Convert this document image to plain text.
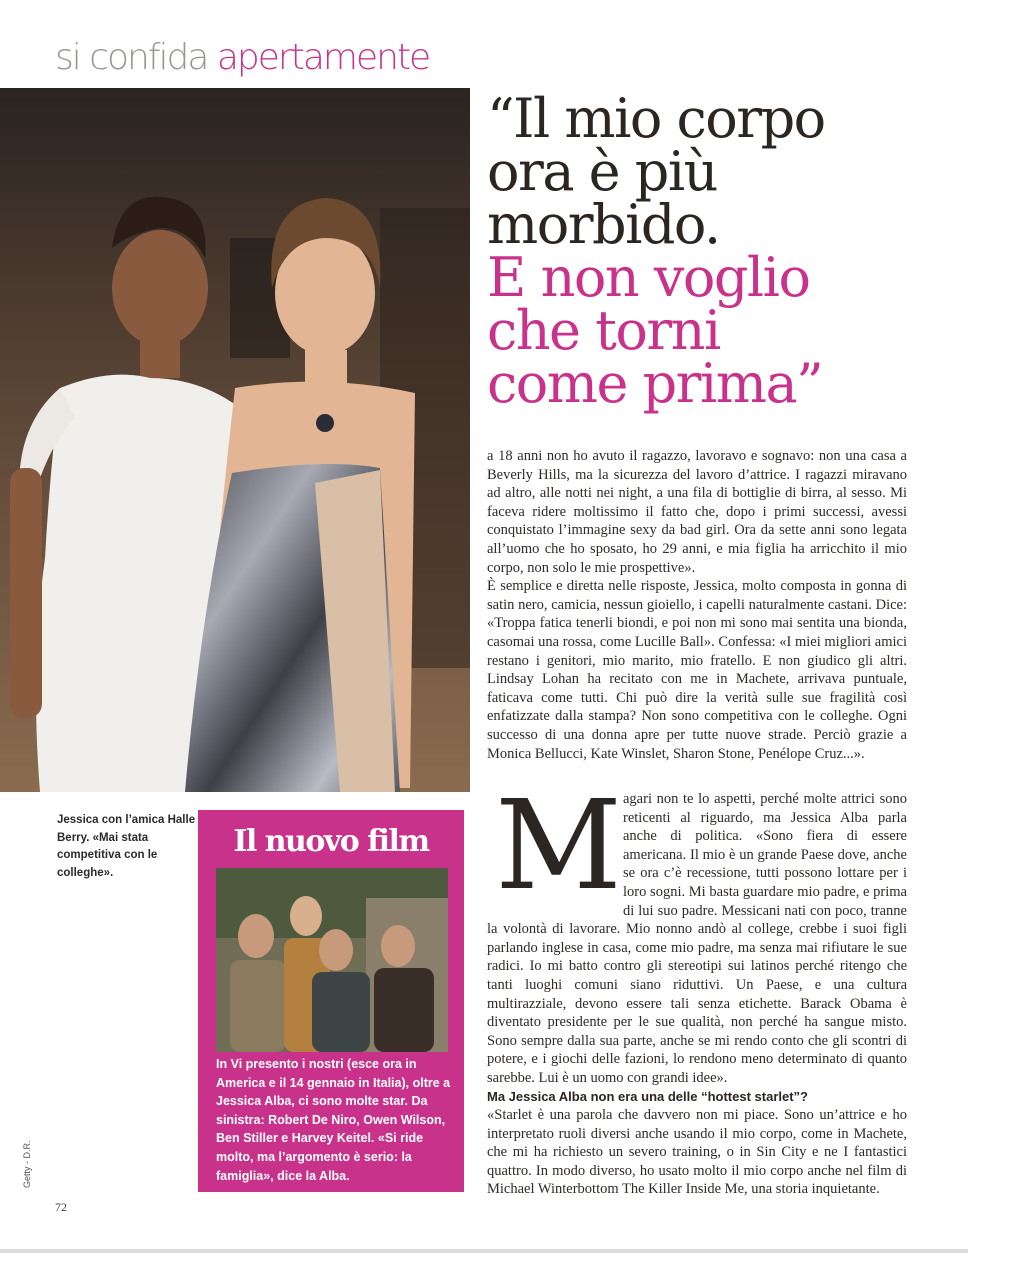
si confida apertamente
Jessica con l’amica Halle Berry. «Mai stata competitiva con le colleghe».
“Il mio corpo
ora è più
morbido.
E non voglio
che torni
come prima”

a 18 anni non ho avuto il ragazzo, lavoravo e sognavo: non una casa a Beverly Hills, ma la sicurezza del lavoro d’attrice. I ragazzi miravano ad altro, alle notti nei night, a una fila di bottiglie di birra, al sesso. Mi faceva ridere moltissimo il fatto che, dopo i primi successi, avessi conquistato l’immagine sexy da bad girl. Ora da sette anni sono legata all’uomo che ho sposato, ho 29 anni, e mia figlia ha arricchito il mio corpo, non solo le mie prospettive».

È semplice e diretta nelle risposte, Jessica, molto composta in gonna di satin nero, camicia, nessun gioiello, i capelli naturalmente castani. Dice: «Troppa fatica tenerli biondi, e poi non mi sono mai sentita una bionda, casomai una rossa, come Lucille Ball». Confessa: «I miei migliori amici restano i genitori, mio marito, mio fratello. E non giudico gli altri. Lindsay Lohan ha recitato con me in Machete, arrivava puntuale, faticava come tutti. Chi può dire la verità sulle sue fragilità così enfatizzate dalla stampa? Non sono competitiva con le colleghe. Ogni successo di una donna apre per tutte nuove strade. Perciò grazie a Monica Bellucci, Kate Winslet, Sharon Stone, Penélope Cruz...».

M agari non te lo aspetti, perché molte attrici sono reticenti al riguardo, ma Jessica Alba parla anche di politica. «Sono fiera di essere americana. Il mio è un grande Paese dove, anche se ora c’è recessione, tutti possono lottare per i loro sogni. Mi basta guardare mio padre, e prima di lui suo padre. Messicani nati con poco, tranne la volontà di lavorare. Mio nonno andò al college, crebbe i suoi figli parlando inglese in casa, come mio padre, ma senza mai rifiutare le sue radici. Io mi batto contro gli stereotipi sui latinos perché ritengo che tanti luoghi comuni siano riduttivi. Un Paese, e una cultura multirazziale, devono essere tali senza etichette. Barack Obama è diventato presidente per le sue qualità, non perché ha sangue misto. Sono sempre dalla sua parte, anche se mi rendo conto che gli scontri di potere, e i giochi delle fazioni, lo rendono meno determinato di quanto sarebbe. Lui è un uomo con grandi idee».

Ma Jessica Alba non era una delle “hottest starlet”?

«Starlet è una parola che davvero non mi piace. Sono un’attrice e ho interpretato ruoli diversi anche usando il mio corpo, come in Machete, che mi ha richiesto un severo training, o in Sin City e ne I fantastici quattro. In modo diverso, ho usato molto il mio corpo anche nel film di Michael Winterbottom The Killer Inside Me, una storia inquietante.

Il nuovo film
In Vi presento i nostri (esce ora in America e il 14 gennaio in Italia), oltre a Jessica Alba, ci sono molte star. Da sinistra: Robert De Niro, Owen Wilson, Ben Stiller e Harvey Keitel. «Si ride molto, ma l’argomento è serio: la famiglia», dice la Alba.
Getty - D.R.
72
